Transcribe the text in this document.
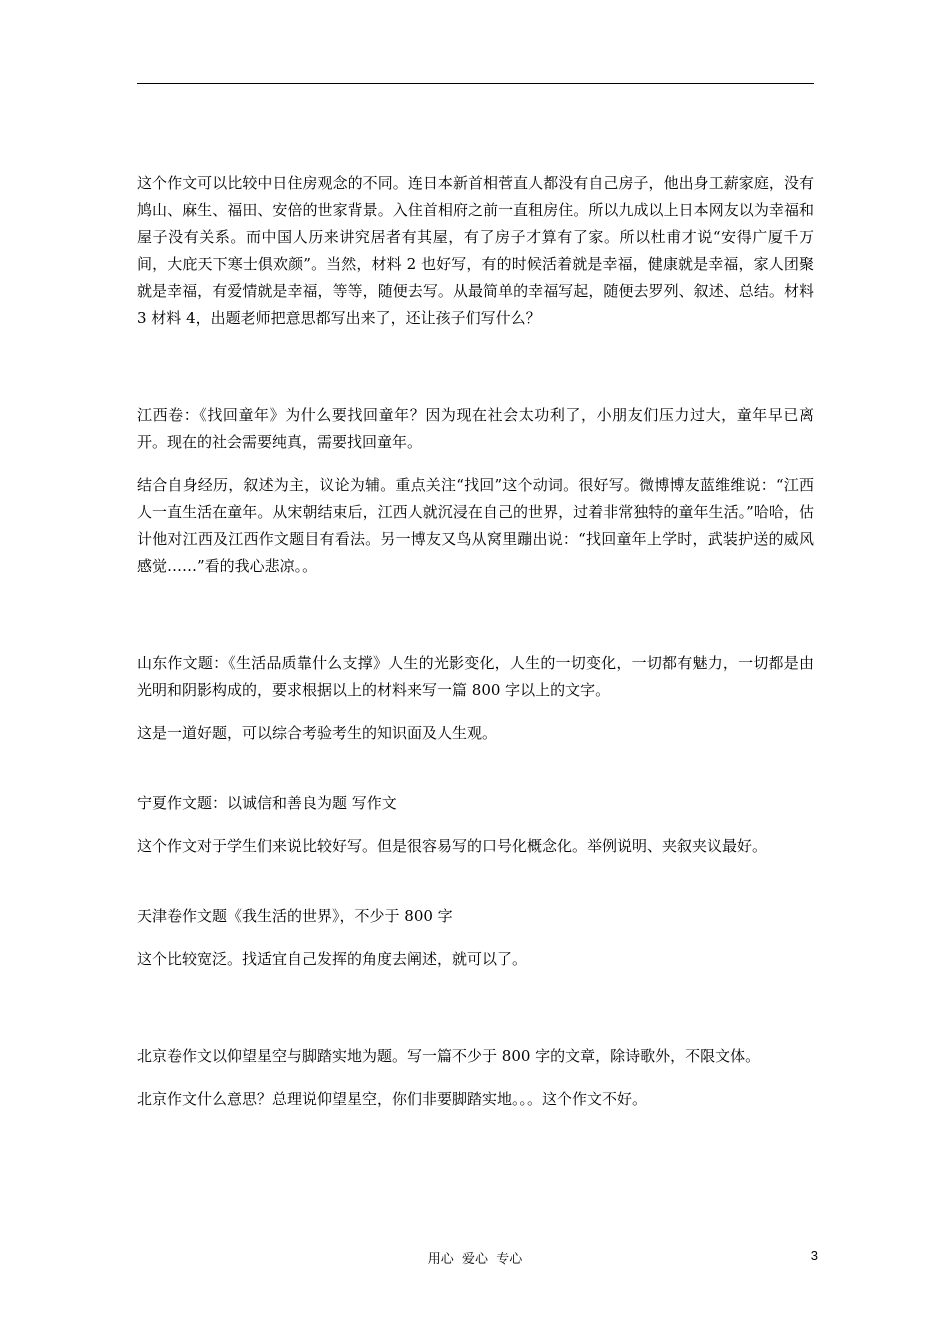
这个作文可以比较中日住房观念的不同。连日本新首相菅直人都没有自己房子，他出身工薪家庭，没有鸠山、麻生、福田、安倍的世家背景。入住首相府之前一直租房住。所以九成以上日本网友以为幸福和屋子没有关系。而中国人历来讲究居者有其屋，有了房子才算有了家。所以杜甫才说“安得广厦千万间，大庇天下寒士俱欢颜”。当然，材料 2 也好写，有的时候活着就是幸福，健康就是幸福，家人团聚就是幸福，有爱情就是幸福，等等，随便去写。从最简单的幸福写起，随便去罗列、叙述、总结。材料 3 材料 4，出题老师把意思都写出来了，还让孩子们写什么？

江西卷：《找回童年》为什么要找回童年？因为现在社会太功利了，小朋友们压力过大，童年早已离开。现在的社会需要纯真，需要找回童年。

结合自身经历，叙述为主，议论为辅。重点关注“找回”这个动词。很好写。微博博友蓝维维说：“江西人一直生活在童年。从宋朝结束后，江西人就沉浸在自己的世界，过着非常独特的童年生活。”哈哈，估计他对江西及江西作文题目有看法。另一博友又鸟从窝里蹦出说：“找回童年上学时，武装护送的威风感觉……”看的我心悲凉。。

山东作文题：《生活品质靠什么支撑》人生的光影变化，人生的一切变化，一切都有魅力，一切都是由光明和阴影构成的，要求根据以上的材料来写一篇 800 字以上的文字。

这是一道好题，可以综合考验考生的知识面及人生观。

宁夏作文题：以诚信和善良为题 写作文

这个作文对于学生们来说比较好写。但是很容易写的口号化概念化。举例说明、夹叙夹议最好。

天津卷作文题《我生活的世界》，不少于 800 字

这个比较宽泛。找适宜自己发挥的角度去阐述，就可以了。

北京卷作文以仰望星空与脚踏实地为题。写一篇不少于 800 字的文章，除诗歌外，不限文体。

北京作文什么意思？总理说仰望星空，你们非要脚踏实地。。。这个作文不好。

用心  爱心  专心	3
